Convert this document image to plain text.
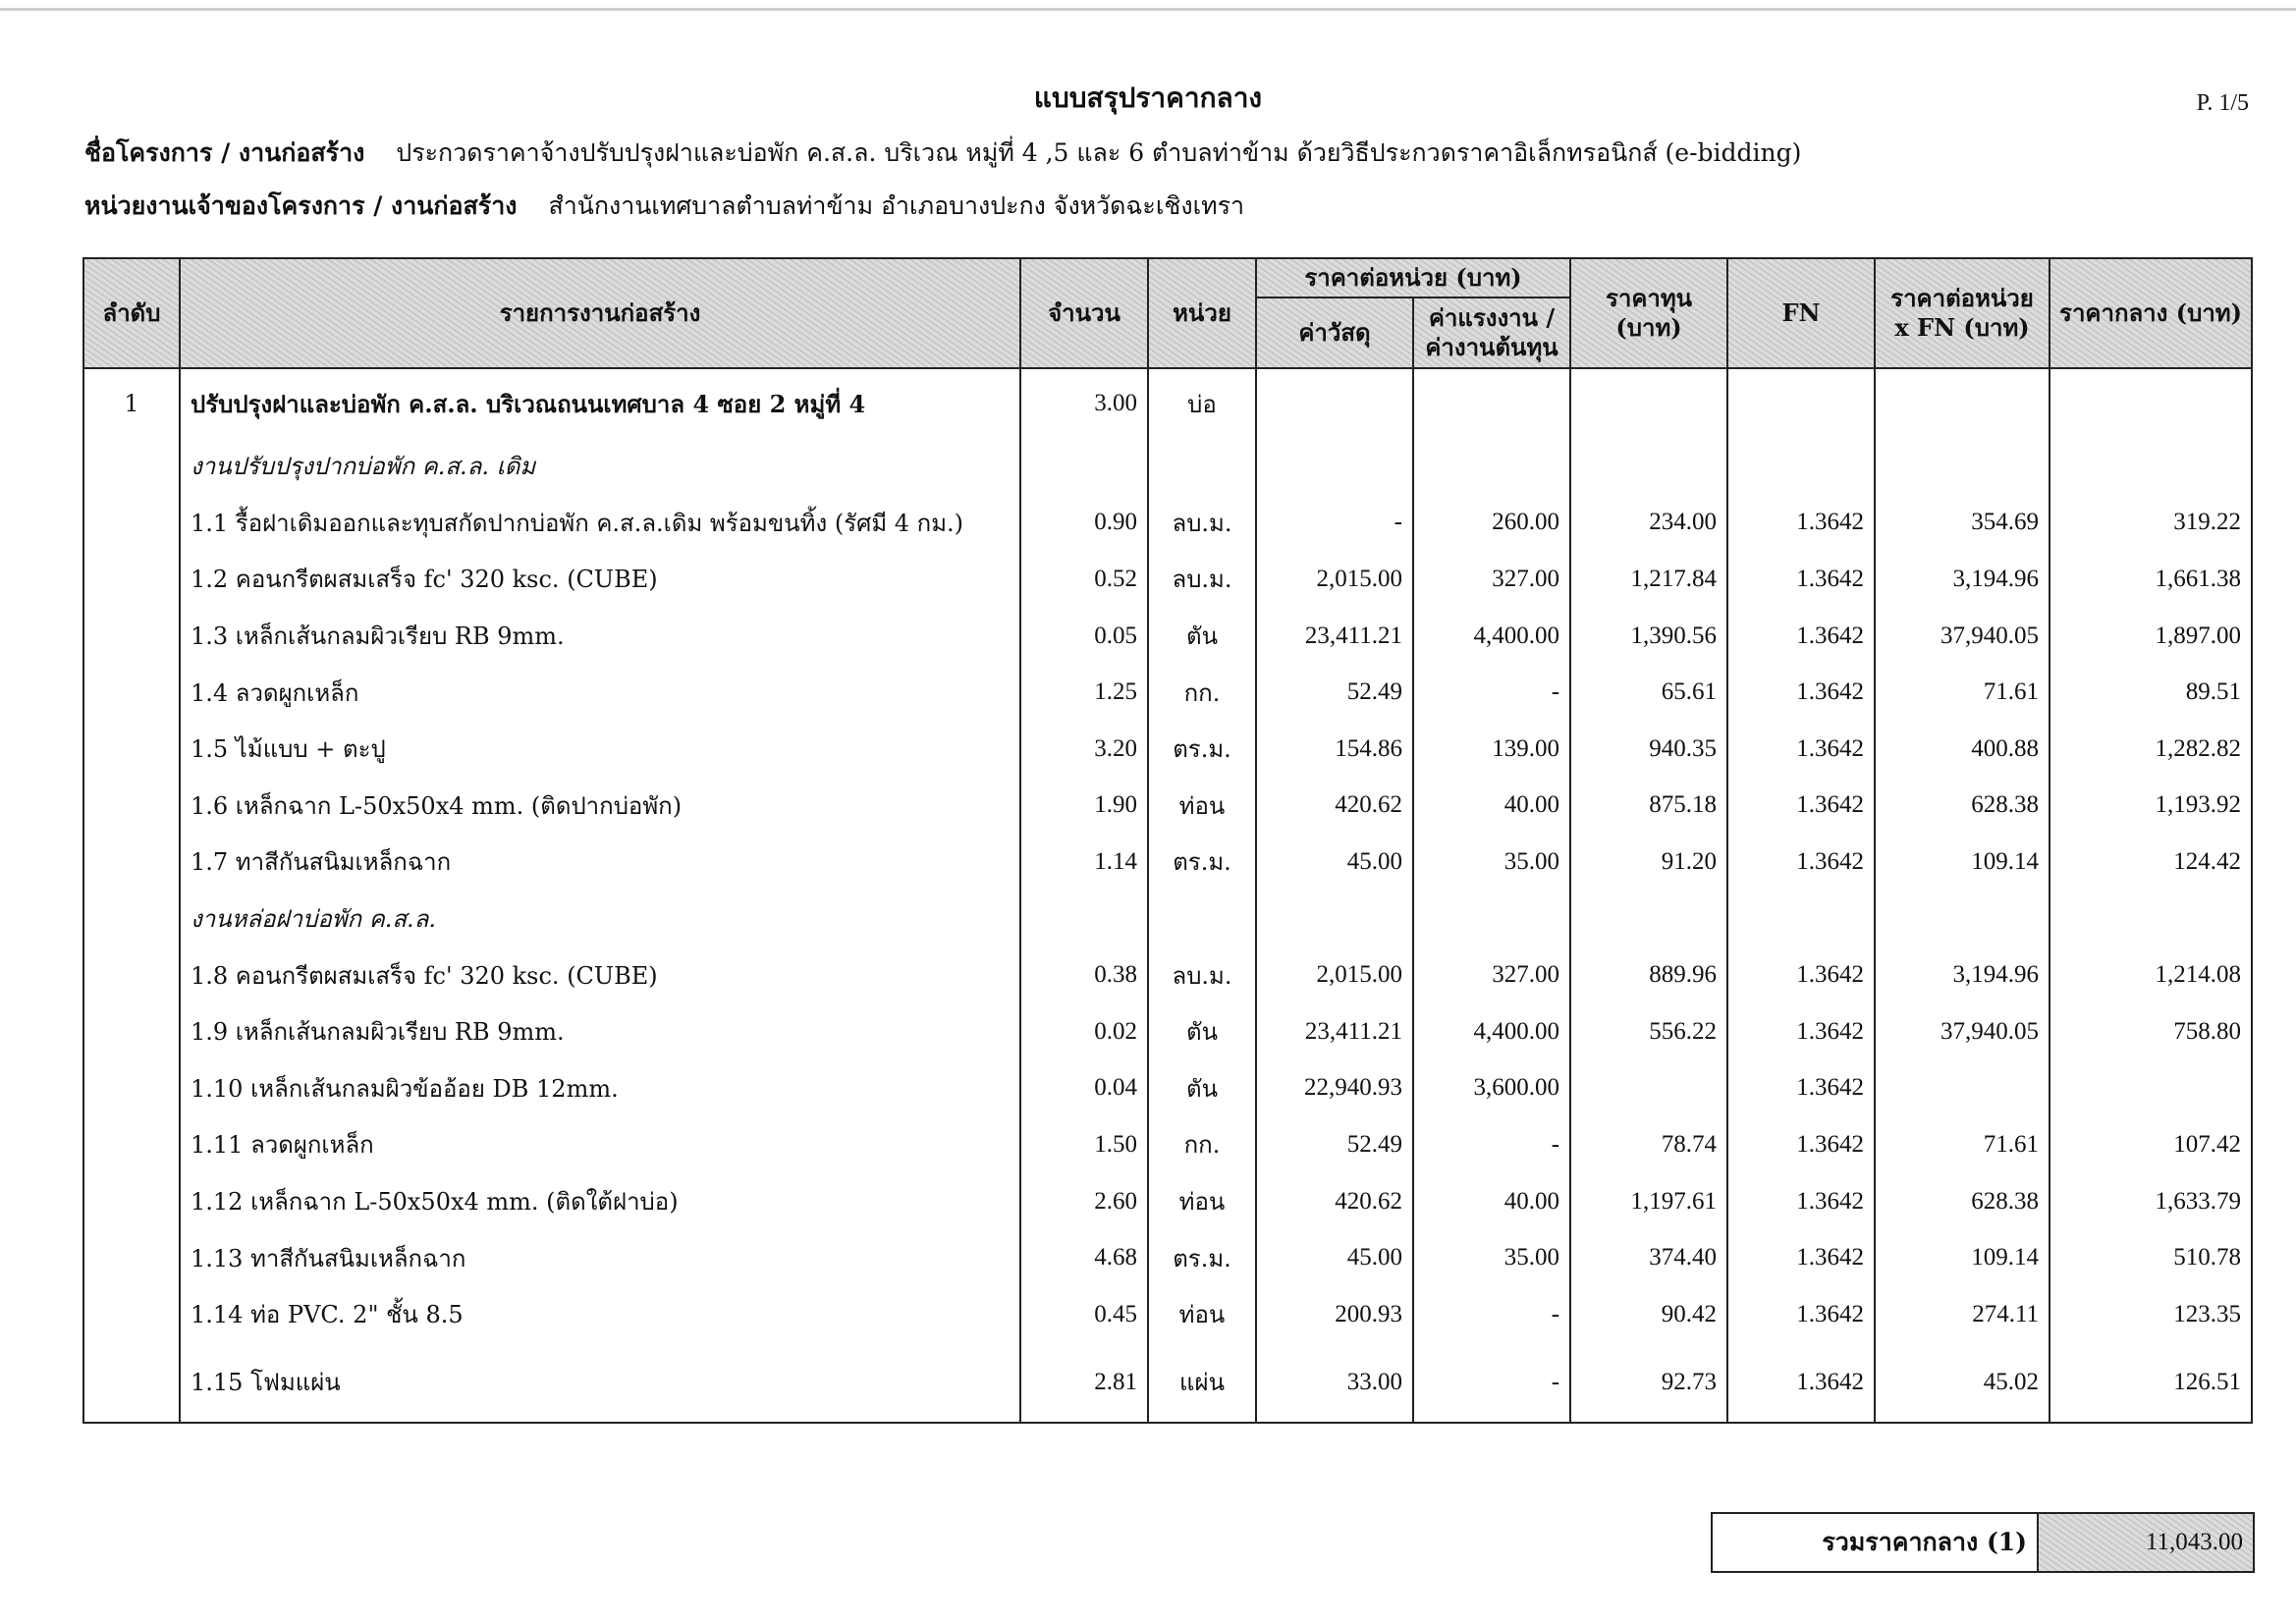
แบบสรุปราคากลาง	P. 1/5
ชื่อโครงการ / งานก่อสร้าง ประกวดราคาจ้างปรับปรุงฝาและบ่อพัก ค.ส.ล. บริเวณ หมู่ที่ 4 ,5 และ 6 ตำบลท่าข้าม ด้วยวิธีประกวดราคาอิเล็กทรอนิกส์ (e-bidding)
หน่วยงานเจ้าของโครงการ / งานก่อสร้าง สำนักงานเทศบาลตำบลท่าข้าม อำเภอบางปะกง จังหวัดฉะเชิงเทรา
ลำดับ	รายการงานก่อสร้าง	จำนวน	หน่วย	ราคาต่อหน่วย (บาท)		ราคาทุน (บาท)	FN	ราคาต่อหน่วย x FN (บาท)	ราคากลาง (บาท)
				ค่าวัสดุ	ค่าแรงงาน / ค่างานต้นทุน				
1	ปรับปรุงฝาและบ่อพัก ค.ส.ล. บริเวณถนนเทศบาล 4 ซอย 2 หมู่ที่ 4	3.00	บ่อ						
	งานปรับปรุงปากบ่อพัก ค.ส.ล. เดิม								
	1.1 รื้อฝาเดิมออกและทุบสกัดปากบ่อพัก ค.ส.ล.เดิม พร้อมขนทิ้ง (รัศมี 4 กม.)	0.90	ลบ.ม.	-	260.00	234.00	1.3642	354.69	319.22
	1.2 คอนกรีตผสมเสร็จ fc' 320 ksc. (CUBE)	0.52	ลบ.ม.	2,015.00	327.00	1,217.84	1.3642	3,194.96	1,661.38
	1.3 เหล็กเส้นกลมผิวเรียบ RB 9mm.	0.05	ตัน	23,411.21	4,400.00	1,390.56	1.3642	37,940.05	1,897.00
	1.4 ลวดผูกเหล็ก	1.25	กก.	52.49	-	65.61	1.3642	71.61	89.51
	1.5 ไม้แบบ + ตะปู	3.20	ตร.ม.	154.86	139.00	940.35	1.3642	400.88	1,282.82
	1.6 เหล็กฉาก L-50x50x4 mm. (ติดปากบ่อพัก)	1.90	ท่อน	420.62	40.00	875.18	1.3642	628.38	1,193.92
	1.7 ทาสีกันสนิมเหล็กฉาก	1.14	ตร.ม.	45.00	35.00	91.20	1.3642	109.14	124.42
	งานหล่อฝาบ่อพัก ค.ส.ล.								
	1.8 คอนกรีตผสมเสร็จ fc' 320 ksc. (CUBE)	0.38	ลบ.ม.	2,015.00	327.00	889.96	1.3642	3,194.96	1,214.08
	1.9 เหล็กเส้นกลมผิวเรียบ RB 9mm.	0.02	ตัน	23,411.21	4,400.00	556.22	1.3642	37,940.05	758.80
	1.10 เหล็กเส้นกลมผิวข้ออ้อย DB 12mm.	0.04	ตัน	22,940.93	3,600.00		1.3642		
	1.11 ลวดผูกเหล็ก	1.50	กก.	52.49	-	78.74	1.3642	71.61	107.42
	1.12 เหล็กฉาก L-50x50x4 mm. (ติดใต้ฝาบ่อ)	2.60	ท่อน	420.62	40.00	1,197.61	1.3642	628.38	1,633.79
	1.13 ทาสีกันสนิมเหล็กฉาก	4.68	ตร.ม.	45.00	35.00	374.40	1.3642	109.14	510.78
	1.14 ท่อ PVC. 2" ชั้น 8.5	0.45	ท่อน	200.93	-	90.42	1.3642	274.11	123.35
	1.15 โฟมแผ่น	2.81	แผ่น	33.00	-	92.73	1.3642	45.02	126.51
รวมราคากลาง (1)	11,043.00
